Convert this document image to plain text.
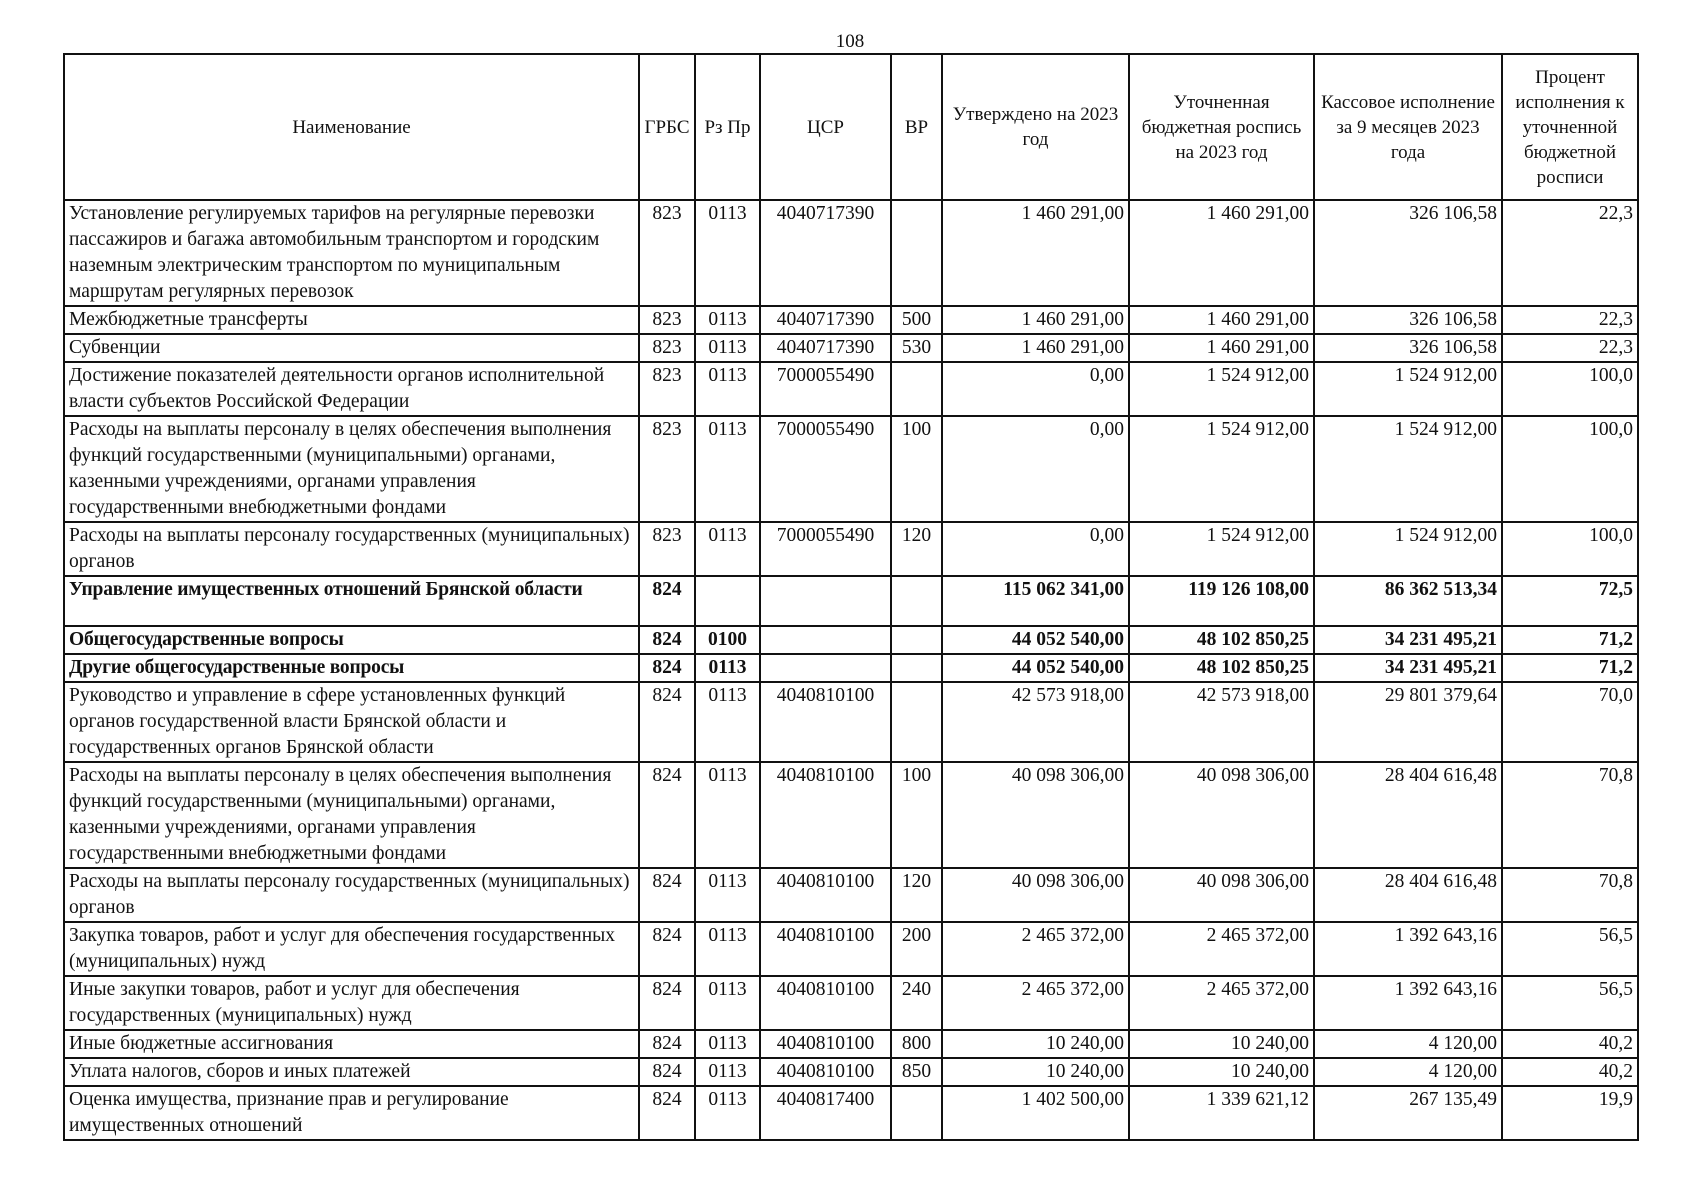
108
Наименование	ГРБС	Рз Пр	ЦСР	ВР	Утверждено на 2023 год	Уточненная бюджетная роспись на 2023 год	Кассовое исполнение за 9 месяцев 2023 года	Процент исполнения к уточненной бюджетной росписи
Установление регулируемых тарифов на регулярные перевозки пассажиров и багажа автомобильным транспортом и городским наземным электрическим транспортом по муниципальным маршрутам регулярных перевозок	823	0113	4040717390		1 460 291,00	1 460 291,00	326 106,58	22,3
Межбюджетные трансферты	823	0113	4040717390	500	1 460 291,00	1 460 291,00	326 106,58	22,3
Субвенции	823	0113	4040717390	530	1 460 291,00	1 460 291,00	326 106,58	22,3
Достижение показателей деятельности органов исполнительной власти субъектов Российской Федерации	823	0113	7000055490		0,00	1 524 912,00	1 524 912,00	100,0
Расходы на выплаты персоналу в целях обеспечения выполнения функций государственными (муниципальными) органами, казенными учреждениями, органами управления государственными внебюджетными фондами	823	0113	7000055490	100	0,00	1 524 912,00	1 524 912,00	100,0
Расходы на выплаты персоналу государственных (муниципальных) органов	823	0113	7000055490	120	0,00	1 524 912,00	1 524 912,00	100,0
Управление имущественных отношений Брянской области	824				115 062 341,00	119 126 108,00	86 362 513,34	72,5
Общегосударственные вопросы	824	0100			44 052 540,00	48 102 850,25	34 231 495,21	71,2
Другие общегосударственные вопросы	824	0113			44 052 540,00	48 102 850,25	34 231 495,21	71,2
Руководство и управление в сфере установленных функций органов государственной власти Брянской области и государственных органов Брянской области	824	0113	4040810100		42 573 918,00	42 573 918,00	29 801 379,64	70,0
Расходы на выплаты персоналу в целях обеспечения выполнения функций государственными (муниципальными) органами, казенными учреждениями, органами управления государственными внебюджетными фондами	824	0113	4040810100	100	40 098 306,00	40 098 306,00	28 404 616,48	70,8
Расходы на выплаты персоналу государственных (муниципальных) органов	824	0113	4040810100	120	40 098 306,00	40 098 306,00	28 404 616,48	70,8
Закупка товаров, работ и услуг для обеспечения государственных (муниципальных) нужд	824	0113	4040810100	200	2 465 372,00	2 465 372,00	1 392 643,16	56,5
Иные закупки товаров, работ и услуг для обеспечения государственных (муниципальных) нужд	824	0113	4040810100	240	2 465 372,00	2 465 372,00	1 392 643,16	56,5
Иные бюджетные ассигнования	824	0113	4040810100	800	10 240,00	10 240,00	4 120,00	40,2
Уплата налогов, сборов и иных платежей	824	0113	4040810100	850	10 240,00	10 240,00	4 120,00	40,2
Оценка имущества, признание прав и регулирование имущественных отношений	824	0113	4040817400		1 402 500,00	1 339 621,12	267 135,49	19,9
